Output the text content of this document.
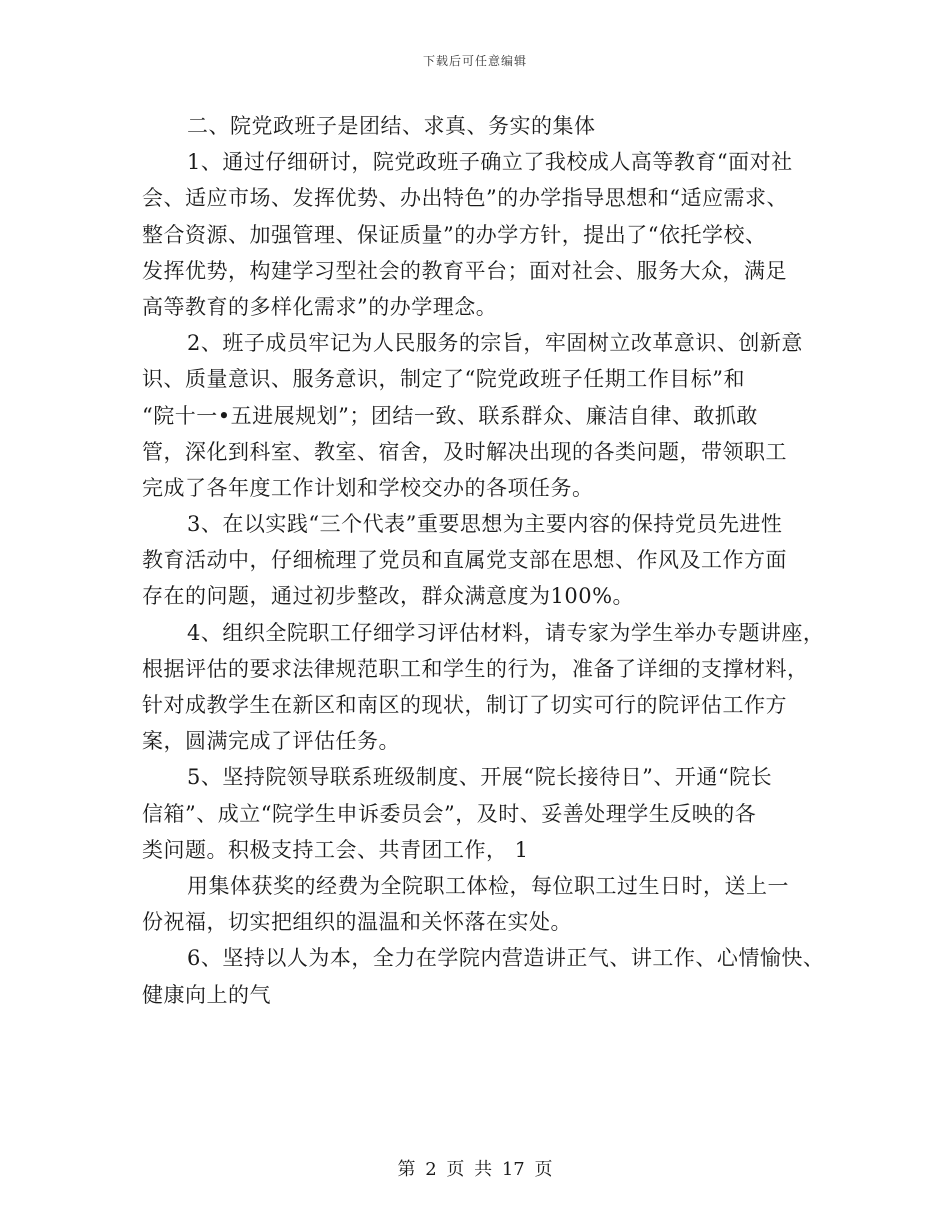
下载后可任意编辑
二、院党政班子是团结、求真、务实的集体
1、通过仔细研讨，院党政班子确立了我校成人高等教育“面对社
会、适应市场、发挥优势、办出特色”的办学指导思想和“适应需求、
整合资源、加强管理、保证质量”的办学方针，提出了“依托学校、
发挥优势，构建学习型社会的教育平台；面对社会、服务大众，满足
高等教育的多样化需求”的办学理念。
2、班子成员牢记为人民服务的宗旨，牢固树立改革意识、创新意
识、质量意识、服务意识，制定了“院党政班子任期工作目标”和
“院十一•五进展规划”；团结一致、联系群众、廉洁自律、敢抓敢
管，深化到科室、教室、宿舍，及时解决出现的各类问题，带领职工
完成了各年度工作计划和学校交办的各项任务。
3、在以实践“三个代表”重要思想为主要内容的保持党员先进性
教育活动中，仔细梳理了党员和直属党支部在思想、作风及工作方面
存在的问题，通过初步整改，群众满意度为100%。
4、组织全院职工仔细学习评估材料，请专家为学生举办专题讲座，
根据评估的要求法律规范职工和学生的行为，准备了详细的支撑材料，
针对成教学生在新区和南区的现状，制订了切实可行的院评估工作方
案，圆满完成了评估任务。
5、坚持院领导联系班级制度、开展“院长接待日”、开通“院长
信箱”、成立“院学生申诉委员会”，及时、妥善处理学生反映的各
类问题。积极支持工会、共青团工作， 1
用集体获奖的经费为全院职工体检，每位职工过生日时，送上一
份祝福，切实把组织的温温和关怀落在实处。
6、坚持以人为本，全力在学院内营造讲正气、讲工作、心情愉快、
健康向上的气
第 2 页 共 17 页
